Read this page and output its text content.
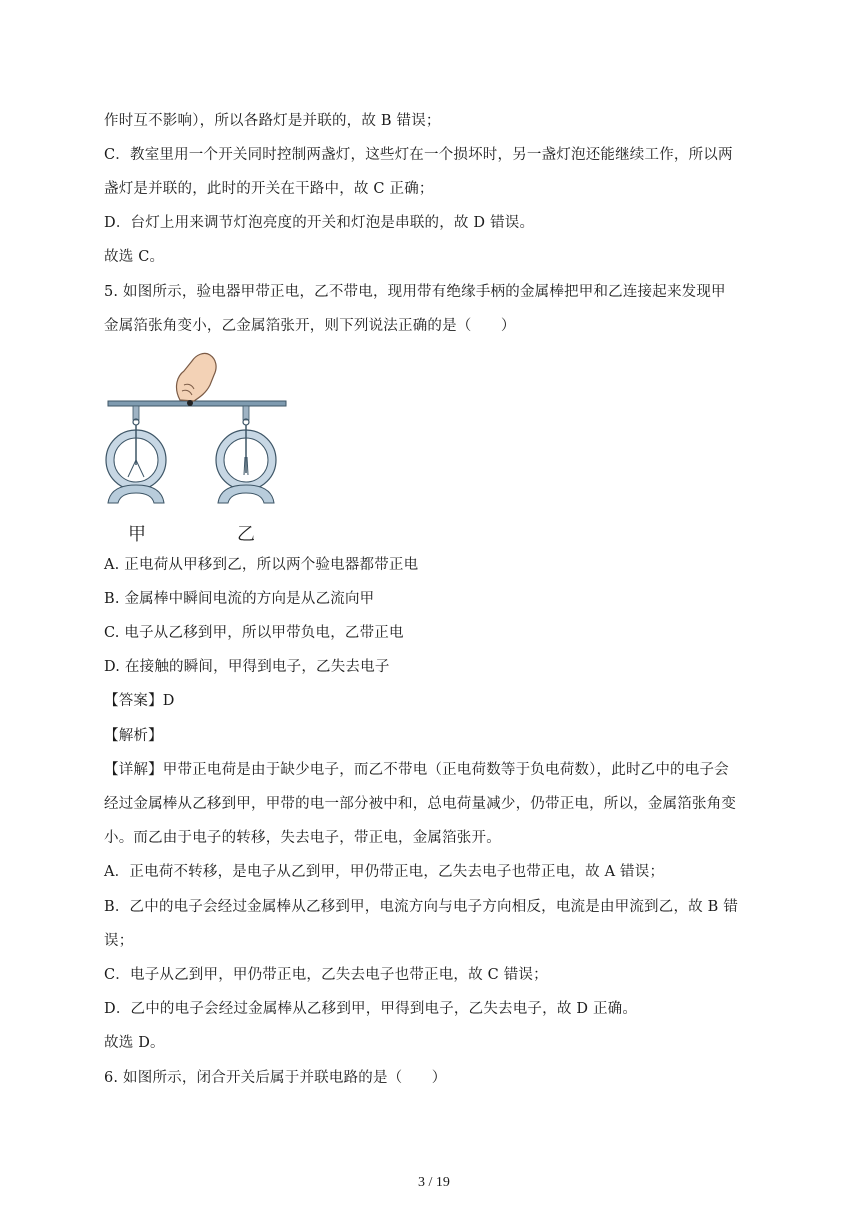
作时互不影响），所以各路灯是并联的，故 B 错误；
C．教室里用一个开关同时控制两盏灯，这些灯在一个损坏时，另一盏灯泡还能继续工作，所以两
盏灯是并联的，此时的开关在干路中，故 C 正确；
D．台灯上用来调节灯泡亮度的开关和灯泡是串联的，故 D 错误。
故选 C。
5. 如图所示，验电器甲带正电，乙不带电，现用带有绝缘手柄的金属棒把甲和乙连接起来发现甲
金属箔张角变小，乙金属箔张开，则下列说法正确的是（　　）
甲	乙
A. 正电荷从甲移到乙，所以两个验电器都带正电
B. 金属棒中瞬间电流的方向是从乙流向甲
C. 电子从乙移到甲，所以甲带负电，乙带正电
D. 在接触的瞬间，甲得到电子，乙失去电子
【答案】D
【解析】
【详解】甲带正电荷是由于缺少电子，而乙不带电（正电荷数等于负电荷数），此时乙中的电子会
经过金属棒从乙移到甲，甲带的电一部分被中和，总电荷量减少，仍带正电，所以，金属箔张角变
小。而乙由于电子的转移，失去电子，带正电，金属箔张开。
A．正电荷不转移，是电子从乙到甲，甲仍带正电，乙失去电子也带正电，故 A 错误；
B．乙中的电子会经过金属棒从乙移到甲，电流方向与电子方向相反，电流是由甲流到乙，故 B 错
误；
C．电子从乙到甲，甲仍带正电，乙失去电子也带正电，故 C 错误；
D．乙中的电子会经过金属棒从乙移到甲，甲得到电子，乙失去电子，故 D 正确。
故选 D。
6. 如图所示，闭合开关后属于并联电路的是（　　）
3 / 19
